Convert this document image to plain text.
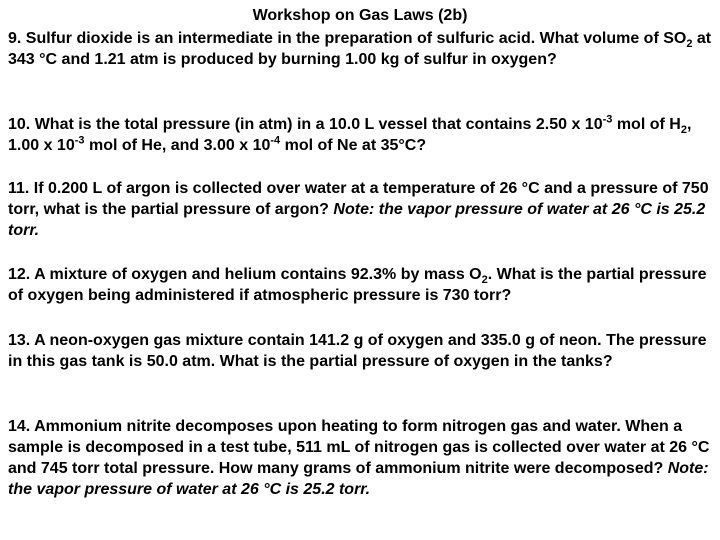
Workshop on Gas Laws (2b)

9. Sulfur dioxide is an intermediate in the preparation of sulfuric acid. What volume of $SO_2$ at 343 °C and 1.21 atm is produced by burning 1.00 kg of sulfur in oxygen?

10. What is the total pressure (in atm) in a 10.0 L vessel that contains 2.50 x $10^{-3}$ mol of $H_2$, 1.00 x $10^{-3}$ mol of He, and 3.00 x $10^{-4}$ mol of Ne at 35°C?

11. If 0.200 L of argon is collected over water at a temperature of 26 °C and a pressure of 750 torr, what is the partial pressure of argon? Note: the vapor pressure of water at 26 °C is 25.2 torr.

12. A mixture of oxygen and helium contains 92.3% by mass $O_2$. What is the partial pressure of oxygen being administered if atmospheric pressure is 730 torr?

13. A neon-oxygen gas mixture contain 141.2 g of oxygen and 335.0 g of neon. The pressure in this gas tank is 50.0 atm. What is the partial pressure of oxygen in the tanks?

14. Ammonium nitrite decomposes upon heating to form nitrogen gas and water. When a sample is decomposed in a test tube, 511 mL of nitrogen gas is collected over water at 26 °C and 745 torr total pressure. How many grams of ammonium nitrite were decomposed? Note: the vapor pressure of water at 26 °C is 25.2 torr.
